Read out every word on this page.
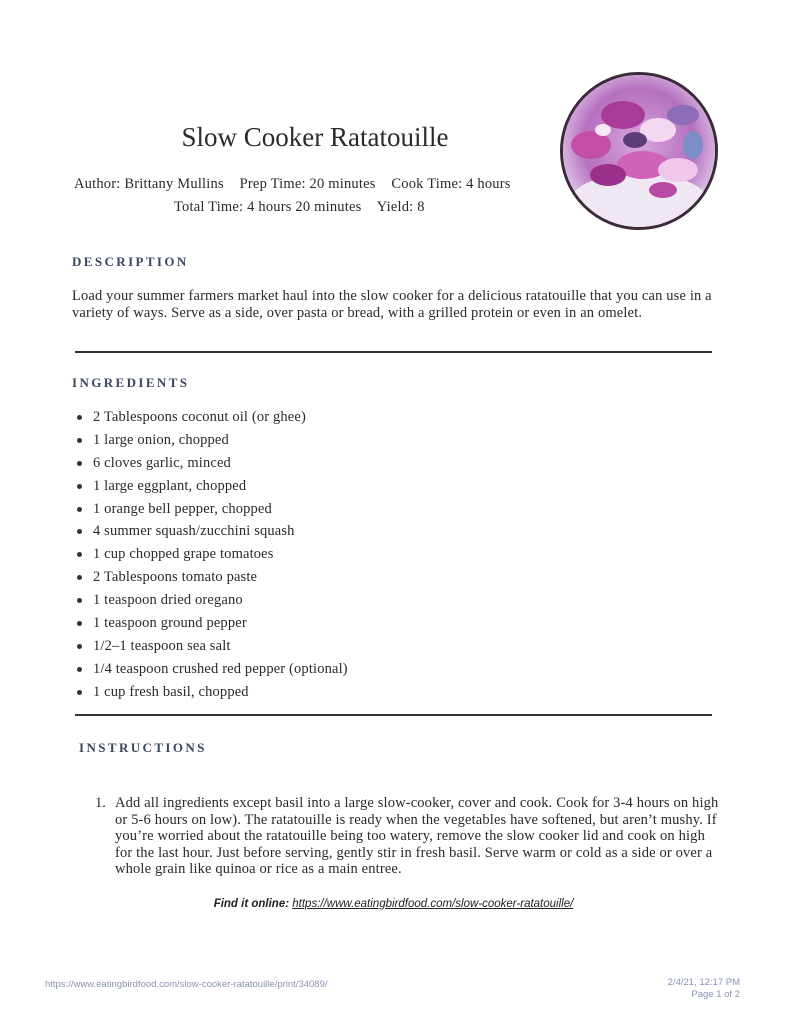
Slow Cooker Ratatouille
Author: Brittany Mullins Prep Time: 20 minutes Cook Time: 4 hours
Total Time: 4 hours 20 minutes Yield: 8
DESCRIPTION

Load your summer farmers market haul into the slow cooker for a delicious ratatouille that you can use in a variety of ways. Serve as a side, over pasta or bread, with a grilled protein or even in an omelet.

INGREDIENTS
2 Tablespoons coconut oil (or ghee)
1 large onion, chopped
6 cloves garlic, minced
1 large eggplant, chopped
1 orange bell pepper, chopped
4 summer squash/zucchini squash
1 cup chopped grape tomatoes
2 Tablespoons tomato paste
1 teaspoon dried oregano
1 teaspoon ground pepper
1/2–1 teaspoon sea salt
1/4 teaspoon crushed red pepper (optional)
1 cup fresh basil, chopped
INSTRUCTIONS
1. Add all ingredients except basil into a large slow-cooker, cover and cook. Cook for 3-4 hours on high or 5-6 hours on low). The ratatouille is ready when the vegetables have softened, but aren’t mushy. If you’re worried about the ratatouille being too watery, remove the slow cooker lid and cook on high for the last hour. Just before serving, gently stir in fresh basil. Serve warm or cold as a side or over a whole grain like quinoa or rice as a main entree.

Find it online: https://www.eatingbirdfood.com/slow-cooker-ratatouille/
https://www.eatingbirdfood.com/slow-cooker-ratatouille/print/34089/	2/4/21, 12:17 PM
Page 1 of 2
